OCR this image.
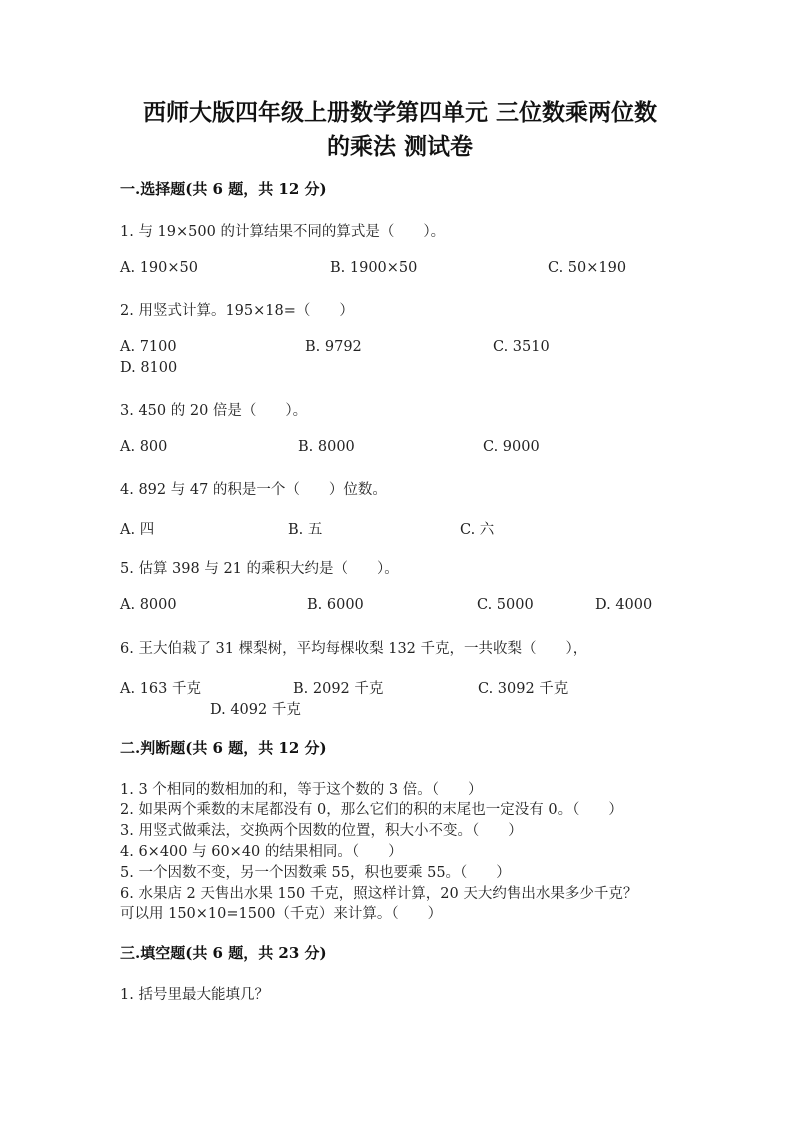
西师大版四年级上册数学第四单元 三位数乘两位数
的乘法 测试卷
一.选择题(共 6 题，共 12 分)
1. 与 19×500 的计算结果不同的算式是（　　）。
A. 190×50	B. 1900×50	C. 50×190
2. 用竖式计算。195×18=（　　）
A. 7100	B. 9792	C. 3510
D. 8100
3. 450 的 20 倍是（　　）。
A. 800	B. 8000	C. 9000
4. 892 与 47 的积是一个（　　）位数。
A. 四	B. 五	C. 六
5. 估算 398 与 21 的乘积大约是（　　）。
A. 8000	B. 6000	C. 5000	D. 4000
6. 王大伯栽了 31 棵梨树，平均每棵收梨 132 千克，一共收梨（　　），
A. 163 千克	B. 2092 千克	C. 3092 千克
D. 4092 千克
二.判断题(共 6 题，共 12 分)
1. 3 个相同的数相加的和，等于这个数的 3 倍。（　　）
2. 如果两个乘数的末尾都没有 0，那么它们的积的末尾也一定没有 0。（　　）
3. 用竖式做乘法，交换两个因数的位置，积大小不变。（　　）
4. 6×400 与 60×40 的结果相同。（　　）
5. 一个因数不变，另一个因数乘 55，积也要乘 55。（　　）
6. 水果店 2 天售出水果 150 千克，照这样计算，20 天大约售出水果多少千克？
可以用 150×10=1500（千克）来计算。（　　）
三.填空题(共 6 题，共 23 分)
1. 括号里最大能填几？
